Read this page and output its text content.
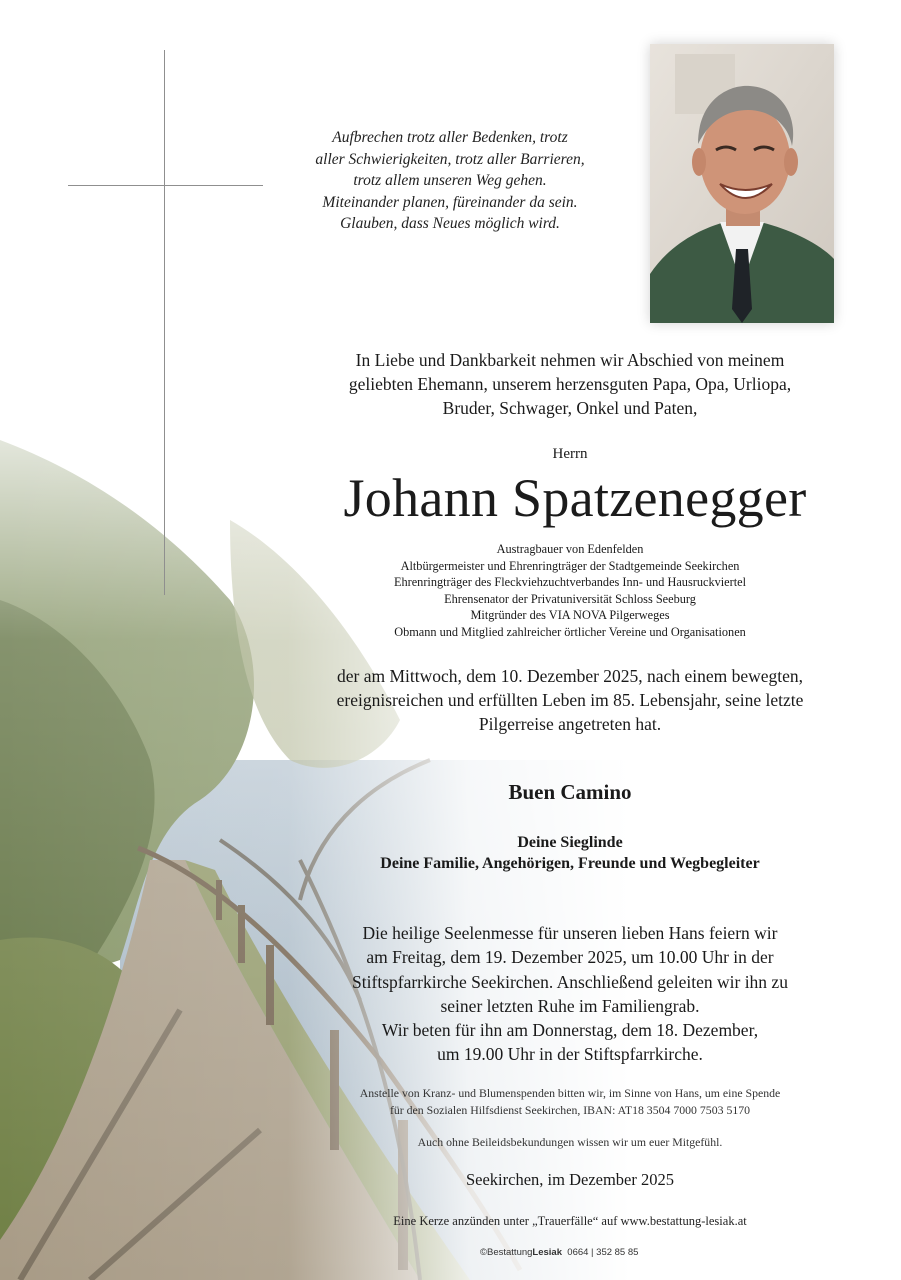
Aufbrechen trotz aller Bedenken, trotz
aller Schwierigkeiten, trotz aller Barrieren,
trotz allem unseren Weg gehen.
Miteinander planen, füreinander da sein.
Glauben, dass Neues möglich wird.
In Liebe und Dankbarkeit nehmen wir Abschied von meinem
geliebten Ehemann, unserem herzensguten Papa, Opa, Urliopa,
Bruder, Schwager, Onkel und Paten,
Herrn
Johann Spatzenegger
Austragbauer von Edenfelden
Altbürgermeister und Ehrenringträger der Stadtgemeinde Seekirchen
Ehrenringträger des Fleckviehzuchtverbandes Inn- und Hausruckviertel
Ehrensenator der Privatuniversität Schloss Seeburg
Mitgründer des VIA NOVA Pilgerweges
Obmann und Mitglied zahlreicher örtlicher Vereine und Organisationen
der am Mittwoch, dem 10. Dezember 2025, nach einem bewegten,
ereignisreichen und erfüllten Leben im 85. Lebensjahr, seine letzte
Pilgerreise angetreten hat.
Buen Camino
Deine Sieglinde
Deine Familie, Angehörigen, Freunde und Wegbegleiter
Die heilige Seelenmesse für unseren lieben Hans feiern wir
am Freitag, dem 19. Dezember 2025, um 10.00 Uhr in der
Stiftspfarrkirche Seekirchen. Anschließend geleiten wir ihn zu
seiner letzten Ruhe im Familiengrab.
Wir beten für ihn am Donnerstag, dem 18. Dezember,
um 19.00 Uhr in der Stiftspfarrkirche.
Anstelle von Kranz- und Blumenspenden bitten wir, im Sinne von Hans, um eine Spende
für den Sozialen Hilfsdienst Seekirchen, IBAN: AT18 3504 7000 7503 5170
Auch ohne Beileidsbekundungen wissen wir um euer Mitgefühl.
Seekirchen, im Dezember 2025
Eine Kerze anzünden unter „Trauerfälle“ auf www.bestattung-lesiak.at
©BestattungLesiak 0664 | 352 85 85
